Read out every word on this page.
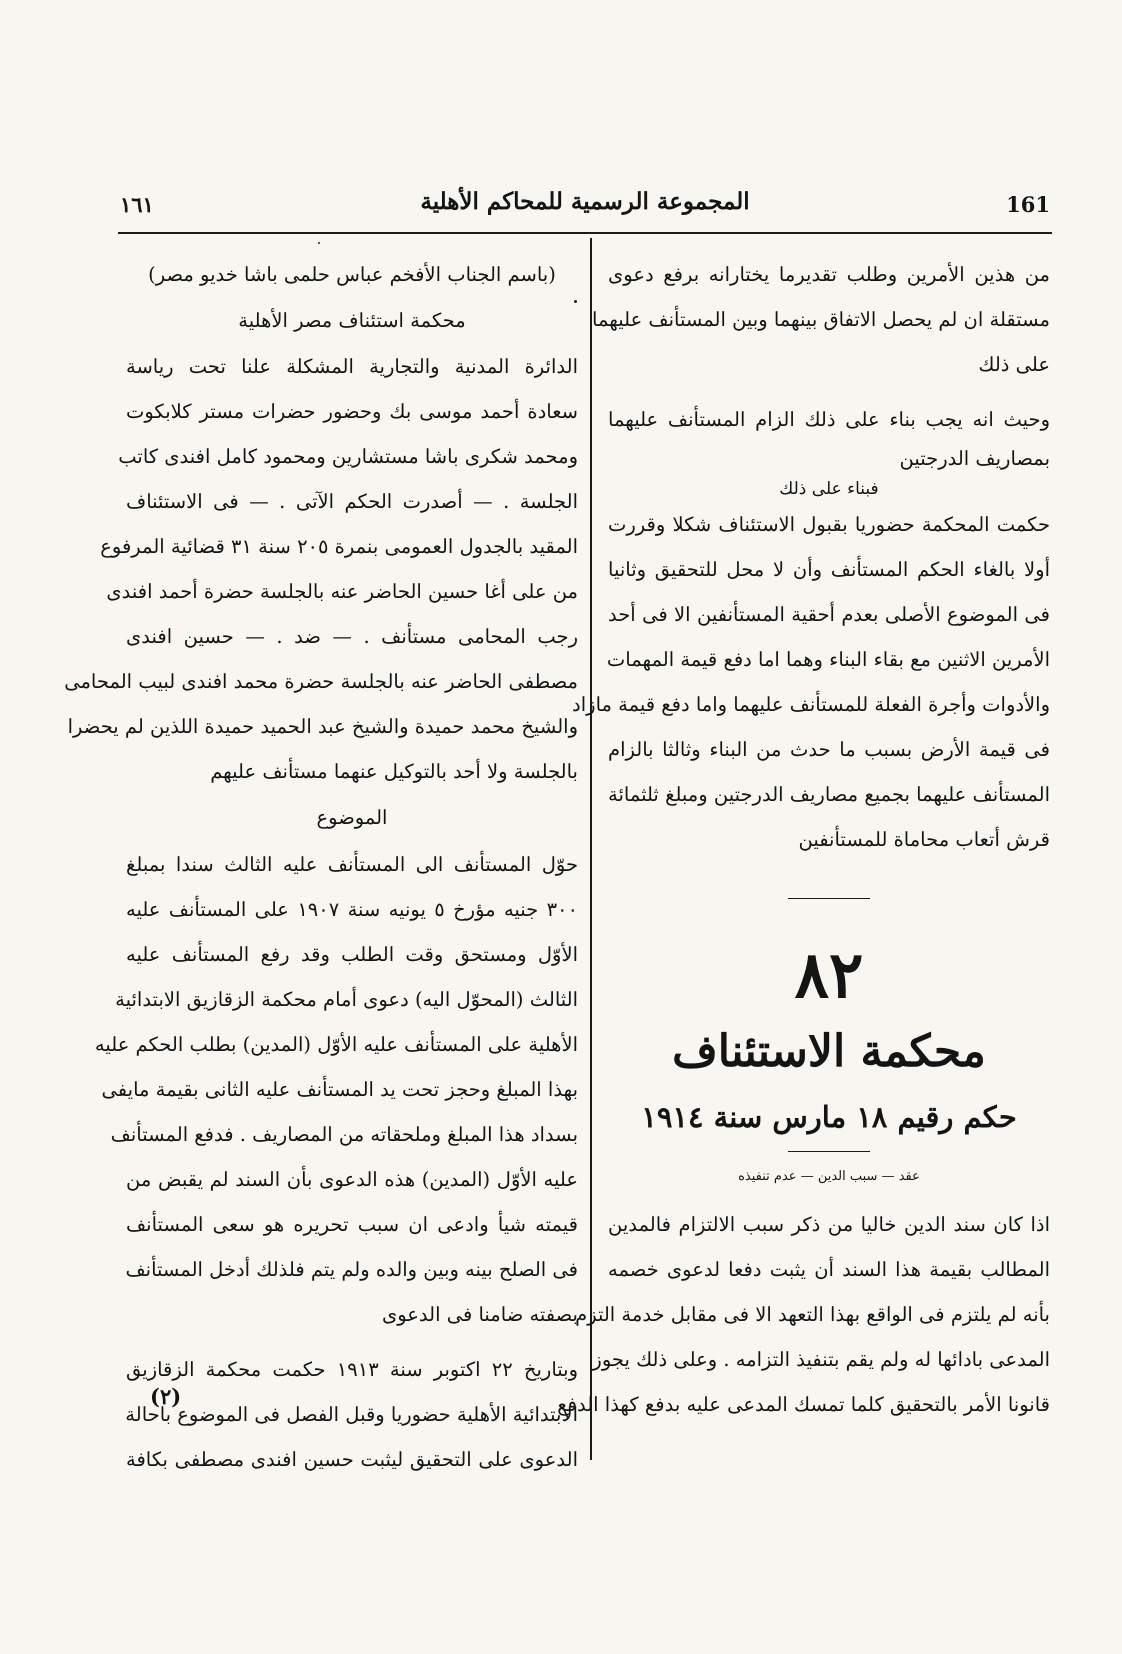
١٦١	المجموعة الرسمية للمحاكم الأهلية	161

من هذين الأمرين وطلب تقديرما يختارانه برفع دعوى

مستقلة ان لم يحصل الاتفاق بينهما وبين المستأنف عليهما

على ذلك

وحيث انه يجب بناء على ذلك الزام المستأنف عليهما

بمصاريف الدرجتين

فبناء على ذلك

حكمت المحكمة حضوريا بقبول الاستئناف شكلا وقررت

أولا بالغاء الحكم المستأنف وأن لا محل للتحقيق وثانيا

فى الموضوع الأصلى بعدم أحقية المستأنفين الا فى أحد

الأمرين الاثنين مع بقاء البناء وهما اما دفع قيمة المهمات

والأدوات وأجرة الفعلة للمستأنف عليهما واما دفع قيمة مازاد

فى قيمة الأرض بسبب ما حدث من البناء وثالثا بالزام

المستأنف عليهما بجميع مصاريف الدرجتين ومبلغ ثلثمائة

قرش أتعاب محاماة للمستأنفين

٨٢
محكمة الاستئناف
حكم رقيم ١٨ مارس سنة ١٩١٤
عقد — سبب الدين — عدم تنفيذه

اذا كان سند الدين خاليا من ذكر سبب الالتزام فالمدين

المطالب بقيمة هذا السند أن يثبت دفعا لدعوى خصمه

بأنه لم يلتزم فى الواقع بهذا التعهد الا فى مقابل خدمة التزم

المدعى بادائها له ولم يقم بتنفيذ التزامه . وعلى ذلك يجوز

قانونا الأمر بالتحقيق كلما تمسك المدعى عليه بدفع كهذا الدفع

(باسم الجناب الأفخم عباس حلمى باشا خديو مصر)
محكمة استئناف مصر الأهلية

الدائرة المدنية والتجارية المشكلة علنا تحت رياسة

سعادة أحمد موسى بك وحضور حضرات مستر كلابكوت

ومحمد شكرى باشا مستشارين ومحمود كامل افندى كاتب

الجلسة . — أصدرت الحكم الآتى . — فى الاستئناف

المقيد بالجدول العمومى بنمرة ٢٠٥ سنة ٣١ قضائية المرفوع

من على أغا حسين الحاضر عنه بالجلسة حضرة أحمد افندى

رجب المحامى مستأنف . — ضد . — حسين افندى

مصطفى الحاضر عنه بالجلسة حضرة محمد افندى لبيب المحامى

والشيخ محمد حميدة والشيخ عبد الحميد حميدة اللذين لم يحضرا

بالجلسة ولا أحد بالتوكيل عنهما مستأنف عليهم

الموضوع

حوّل المستأنف الى المستأنف عليه الثالث سندا بمبلغ

٣٠٠ جنيه مؤرخ ٥ يونيه سنة ١٩٠٧ على المستأنف عليه

الأوّل ومستحق وقت الطلب وقد رفع المستأنف عليه

الثالث (المحوّل اليه) دعوى أمام محكمة الزقازيق الابتدائية

الأهلية على المستأنف عليه الأوّل (المدين) بطلب الحكم عليه

بهذا المبلغ وحجز تحت يد المستأنف عليه الثانى بقيمة مايفى

بسداد هذا المبلغ وملحقاته من المصاريف . فدفع المستأنف

عليه الأوّل (المدين) هذه الدعوى بأن السند لم يقبض من

قيمته شيأ وادعى ان سبب تحريره هو سعى المستأنف

فى الصلح بينه وبين والده ولم يتم فلذلك أدخل المستأنف

بصفته ضامنا فى الدعوى

وبتاريخ ٢٢ اكتوبر سنة ١٩١٣ حكمت محكمة الزقازيق

الابتدائية الأهلية حضوريا وقبل الفصل فى الموضوع باحالة

الدعوى على التحقيق ليثبت حسين افندى مصطفى بكافة

(٢)
